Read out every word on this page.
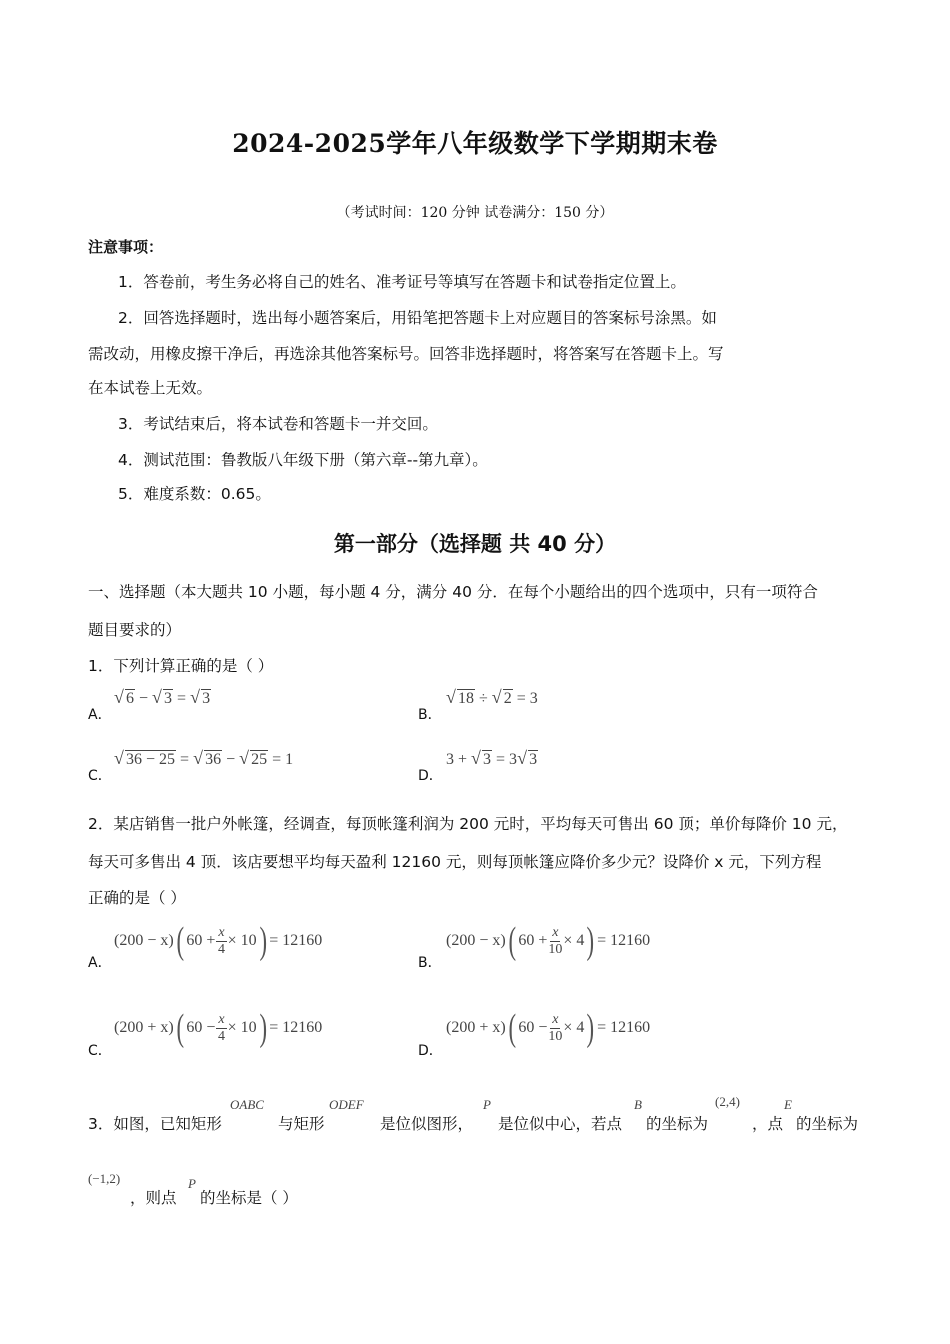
2024-2025学年八年级数学下学期期末卷
（考试时间：120 分钟 试卷满分：150 分）
注意事项：
1．答卷前，考生务必将自己的姓名、准考证号等填写在答题卡和试卷指定位置上。
2．回答选择题时，选出每小题答案后，用铅笔把答题卡上对应题目的答案标号涂黑。如
需改动，用橡皮擦干净后，再选涂其他答案标号。回答非选择题时，将答案写在答题卡上。写
在本试卷上无效。
3．考试结束后，将本试卷和答题卡一并交回。
4．测试范围：鲁教版八年级下册（第六章--第九章）。
5．难度系数：0.65。
第一部分（选择题 共 40 分）
一、选择题（本大题共 10 小题，每小题 4 分，满分 40 分．在每个小题给出的四个选项中，只有一项符合
题目要求的）
1．下列计算正确的是（ ）
A．
√ 6 − √ 3 = √ 3
B．
√ 18 ÷ √ 2 = 3
C．
√ 36 − 25 = √ 36 − √ 25 = 1
D．
3 + √ 3 = 3 √ 3
2．某店销售一批户外帐篷，经调查，每顶帐篷利润为 200 元时，平均每天可售出 60 顶；单价每降价 10 元，
每天可多售出 4 顶．该店要想平均每天盈利 12160 元，则每顶帐篷应降价多少元？设降价 x 元，下列方程
正确的是（ ）
A．
(200 − x) ( $60 + \frac{x}{4} \times 10$ ) = 12160
B．
(200 − x) ( $60 + \frac{x}{10} \times 4$ ) = 12160
C．
(200 + x) ( $60 - \frac{x}{4} \times 10$ ) = 12160
D．
(200 + x) ( $60 - \frac{x}{10} \times 4$ ) = 12160
3．如图，已知矩形
OABC
与矩形
ODEF
是位似图形，
P
是位似中心，若点
B
的坐标为
(2,4)
，点
E
的坐标为
(−1,2)
，则点
P
的坐标是（ ）
